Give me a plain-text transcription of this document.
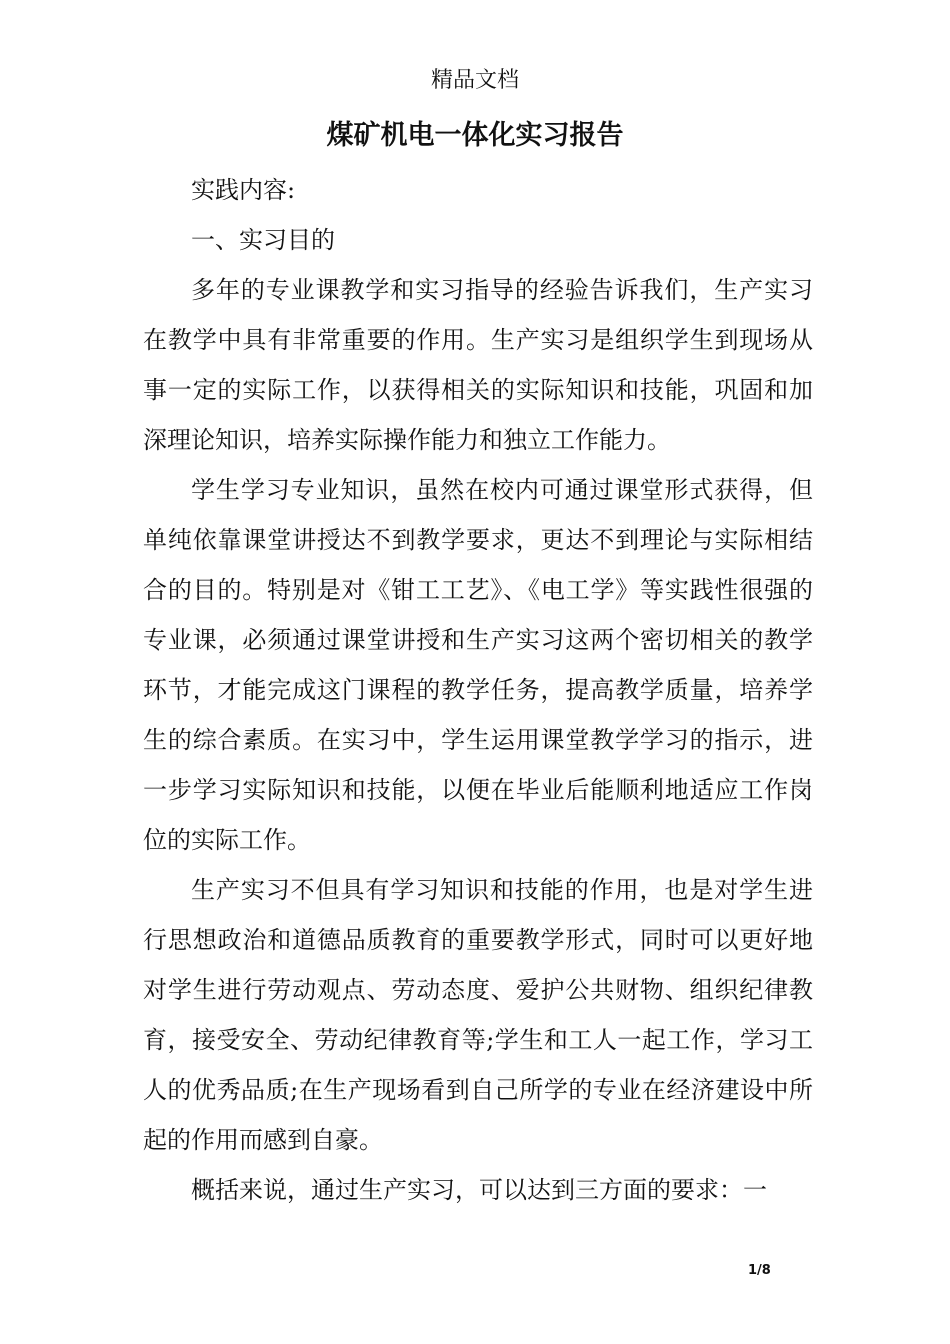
精品文档
煤矿机电一体化实习报告

实践内容:

一、实习目的

多年的专业课教学和实习指导的经验告诉我们，生产实习在教学中具有非常重要的作用。生产实习是组织学生到现场从事一定的实际工作，以获得相关的实际知识和技能，巩固和加深理论知识，培养实际操作能力和独立工作能力。

学生学习专业知识，虽然在校内可通过课堂形式获得，但单纯依靠课堂讲授达不到教学要求，更达不到理论与实际相结合的目的。特别是对《钳工工艺》、《电工学》等实践性很强的专业课，必须通过课堂讲授和生产实习这两个密切相关的教学环节，才能完成这门课程的教学任务，提高教学质量，培养学生的综合素质。在实习中，学生运用课堂教学学习的指示，进一步学习实际知识和技能，以便在毕业后能顺利地适应工作岗位的实际工作。

生产实习不但具有学习知识和技能的作用，也是对学生进行思想政治和道德品质教育的重要教学形式，同时可以更好地对学生进行劳动观点、劳动态度、爱护公共财物、组织纪律教育，接受安全、劳动纪律教育等;学生和工人一起工作，学习工人的优秀品质;在生产现场看到自己所学的专业在经济建设中所起的作用而感到自豪。

概括来说，通过生产实习，可以达到三方面的要求：一

1/8
